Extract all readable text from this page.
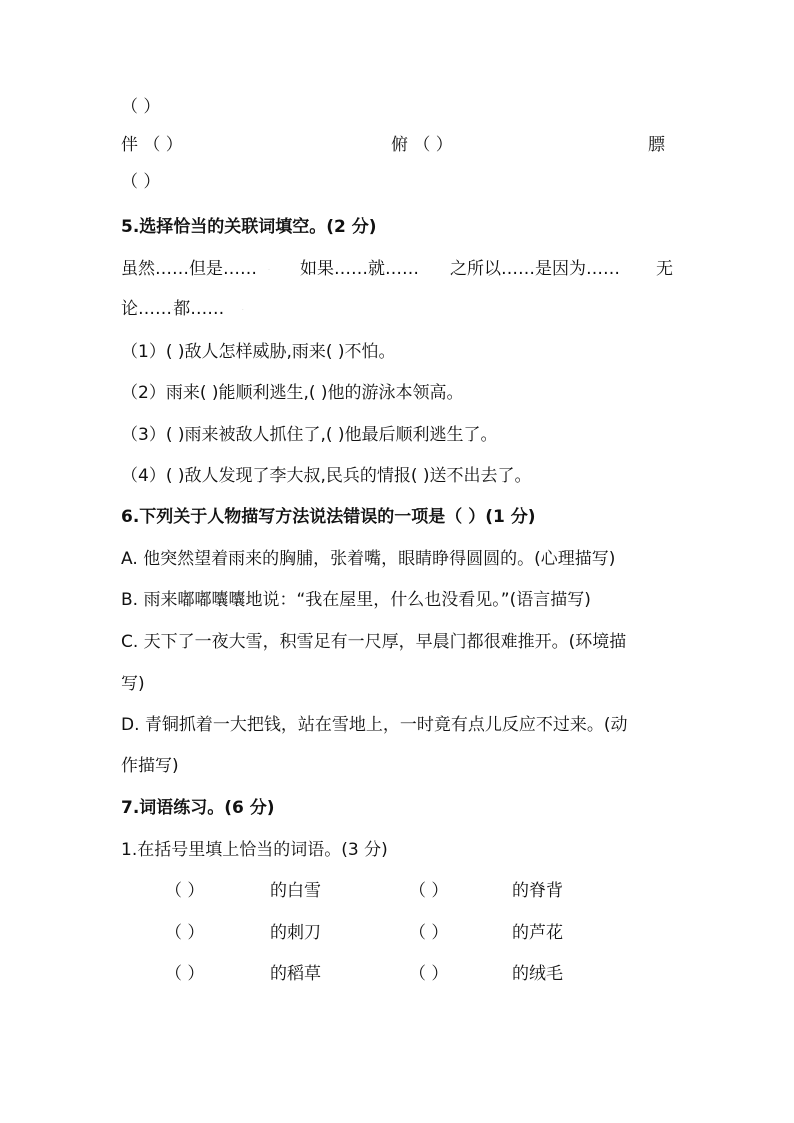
（ ）
伴 （ ）	俯 （ ）	膘
（ ）
5.选择恰当的关联词填空。(2 分)
虽然……但是……	.	如果……就…… 之所以……是因为…… 无
论…….都……	.
（1）( )敌人怎样威胁,雨来( )不怕。
（2）雨来( )能顺利逃生,( )他的游泳本领高。
（3）( )雨来被敌人抓住了,( )他最后顺利逃生了。
（4）( )敌人发现了李大叔,民兵的情报( )送不出去了。
6.下列关于人物描写方法说法错误的一项是（ ）(1 分)
A. 他突然望着雨来的胸脯，张着嘴，眼睛睁得圆圆的。(心理描写)
B. 雨来嘟嘟囔囔地说：“我在屋里，什么也没看见。”(语言描写)
C. 天下了一夜大雪，积雪足有一尺厚，早晨门都很难推开。(环境描
写)
D. 青铜抓着一大把钱，站在雪地上，一时竟有点儿反应不过来。(动
作描写)
7.词语练习。(6 分)
1.在括号里填上恰当的词语。(3 分)
（ ）	的白雪	（ ）	的脊背
（ ）	的刺刀	（ ）	的芦花
（ ）	的稻草	（ ）	的绒毛
